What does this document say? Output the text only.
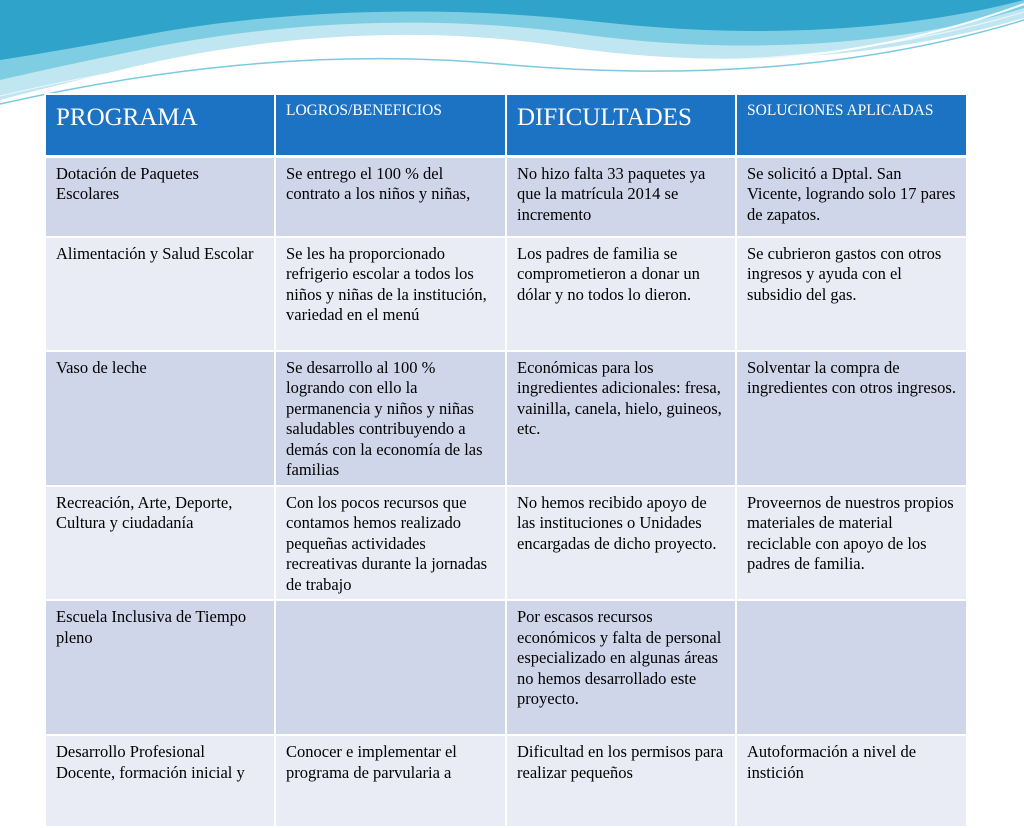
PROGRAMA	LOGROS/BENEFICIOS	DIFICULTADES	SOLUCIONES APLICADAS
Dotación de Paquetes Escolares	Se entrego el 100 % del contrato a los niños y niñas,	No hizo falta 33 paquetes ya que la matrícula 2014 se incremento	Se solicitó a Dptal. San Vicente, logrando solo 17 pares de zapatos.
Alimentación y Salud Escolar	Se les ha proporcionado refrigerio escolar a todos los niños y niñas de la institución, variedad en el menú	Los padres de familia se comprometieron a donar un dólar y no todos lo dieron.	Se cubrieron gastos con otros ingresos y ayuda con el subsidio del gas.
Vaso de leche	Se desarrollo al 100 % logrando con ello la permanencia y niños y niñas saludables contribuyendo a demás con la economía de las familias	Económicas para los ingredientes adicionales: fresa, vainilla, canela, hielo, guineos, etc.	Solventar la compra de ingredientes con otros ingresos.
Recreación, Arte, Deporte, Cultura y ciudadanía	Con los pocos recursos que contamos hemos realizado pequeñas actividades recreativas durante la jornadas de trabajo	No hemos recibido apoyo de las instituciones o Unidades encargadas de dicho proyecto.	Proveernos de nuestros propios materiales de material reciclable con apoyo de los padres de familia.
Escuela Inclusiva de Tiempo pleno		Por escasos recursos económicos y falta de personal especializado en algunas áreas no hemos desarrollado este proyecto.	
Desarrollo Profesional Docente, formación inicial y	Conocer e implementar el programa de parvularia a	Dificultad en los permisos para realizar pequeños	Autoformación a nivel de instición
